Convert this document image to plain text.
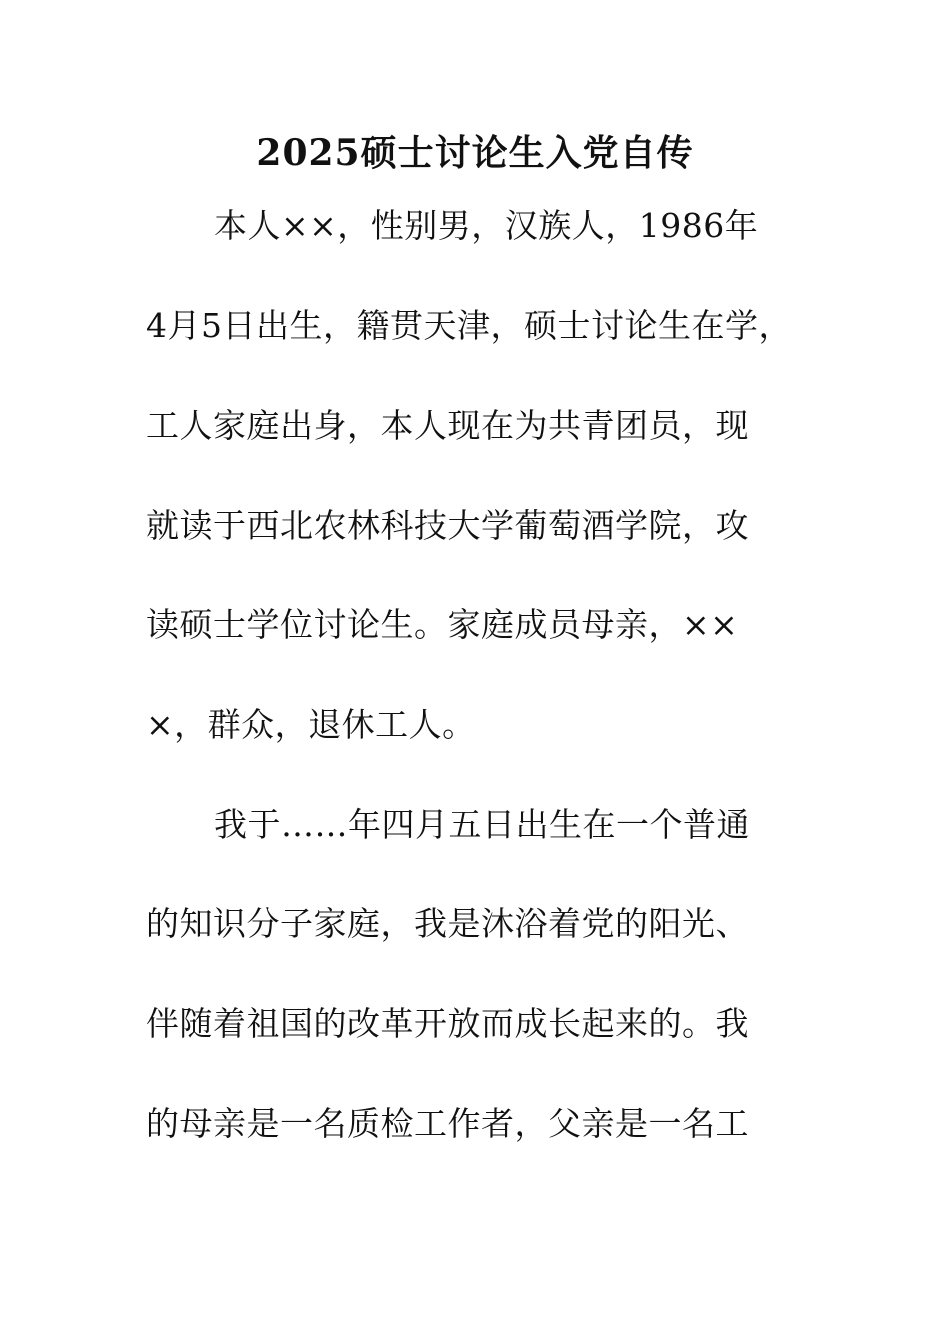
2025硕士讨论生入党自传
本人××，性别男，汉族人，1986年
4月5日出生，籍贯天津，硕士讨论生在学，
工人家庭出身，本人现在为共青团员，现
就读于西北农林科技大学葡萄酒学院，攻
读硕士学位讨论生。家庭成员母亲，××
×，群众，退休工人。
我于……年四月五日出生在一个普通
的知识分子家庭，我是沐浴着党的阳光、
伴随着祖国的改革开放而成长起来的。我
的母亲是一名质检工作者，父亲是一名工
